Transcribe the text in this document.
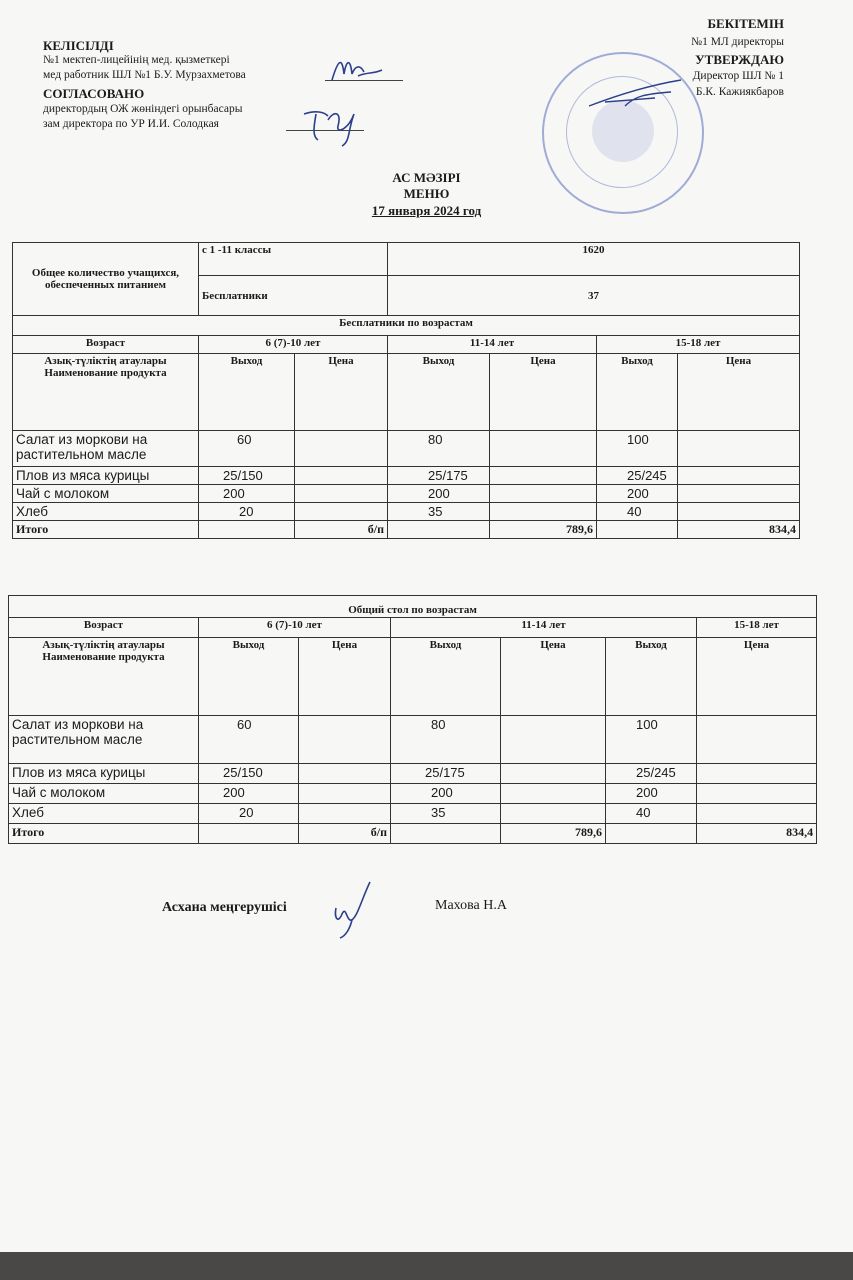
КЕЛІСІЛДІ
№1 мектеп-лицейінің мед. қызметкері
мед работник ШЛ №1 Б.У. Мурзахметова
СОГЛАСОВАНО
директордың ОЖ жөніндегі орынбасары
зам директора по УР И.И. Солодкая
БЕКІТЕМІН
№1 МЛ директоры
УТВЕРЖДАЮ
Директор ШЛ № 1
Б.К. Кажиякбаров
АС МӘЗІРІ
МЕНЮ
17 января 2024 год
Общее количество учащихся, обеспеченных питанием	с 1 -11 классы		1620			
	Бесплатники		37			
Бесплатники по возрастам						
Возраст	6 (7)-10 лет		11-14 лет		15-18 лет	
Азық-түліктің атаулары Наименование продукта	Выход	Цена	Выход	Цена	Выход	Цена
Салат из моркови на растительном масле	60		80		100	
Плов из мяса курицы	25/150		25/175		25/245	
Чай с молоком	200		200		200	
Хлеб	20		35		40	
Итого		б/п		789,6		834,4
Общий стол по возрастам						
Возраст	6 (7)-10 лет		11-14 лет			15-18 лет
Азық-түліктің атаулары Наименование продукта	Выход	Цена	Выход	Цена	Выход	Цена
Салат из моркови на растительном масле	60		80		100	
Плов из мяса курицы	25/150		25/175		25/245	
Чай с молоком	200		200		200	
Хлеб	20		35		40	
Итого		б/п		789,6		834,4
Асхана меңгерушісі	Махова Н.А
